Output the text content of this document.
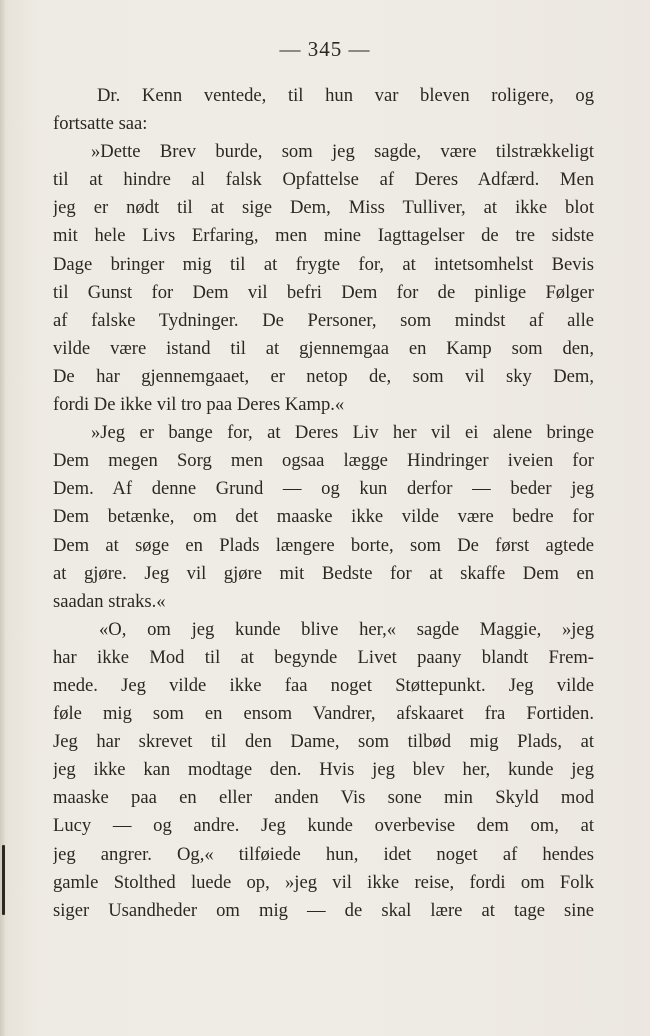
— 345 —
Dr. Kenn ventede, til hun var bleven roligere, og
fortsatte saa:
»Dette Brev burde, som jeg sagde, være tilstrækkeligt
til at hindre al falsk Opfattelse af Deres Adfærd. Men
jeg er nødt til at sige Dem, Miss Tulliver, at ikke blot
mit hele Livs Erfaring, men mine Iagttagelser de tre sidste
Dage bringer mig til at frygte for, at intetsomhelst Bevis
til Gunst for Dem vil befri Dem for de pinlige Følger
af falske Tydninger. De Personer, som mindst af alle
vilde være istand til at gjennemgaa en Kamp som den,
De har gjennemgaaet, er netop de, som vil sky Dem,
fordi De ikke vil tro paa Deres Kamp.«
»Jeg er bange for, at Deres Liv her vil ei alene bringe
Dem megen Sorg men ogsaa lægge Hindringer iveien for
Dem. Af denne Grund — og kun derfor — beder jeg
Dem betænke, om det maaske ikke vilde være bedre for
Dem at søge en Plads længere borte, som De først agtede
at gjøre. Jeg vil gjøre mit Bedste for at skaffe Dem en
saadan straks.«
«O, om jeg kunde blive her,« sagde Maggie, »jeg
har ikke Mod til at begynde Livet paany blandt Frem-
mede. Jeg vilde ikke faa noget Støttepunkt. Jeg vilde
føle mig som en ensom Vandrer, afskaaret fra Fortiden.
Jeg har skrevet til den Dame, som tilbød mig Plads, at
jeg ikke kan modtage den. Hvis jeg blev her, kunde jeg
maaske paa en eller anden Vis sone min Skyld mod
Lucy — og andre. Jeg kunde overbevise dem om, at
jeg angrer. Og,« tilføiede hun, idet noget af hendes
gamle Stolthed luede op, »jeg vil ikke reise, fordi om Folk
siger Usandheder om mig — de skal lære at tage sine
